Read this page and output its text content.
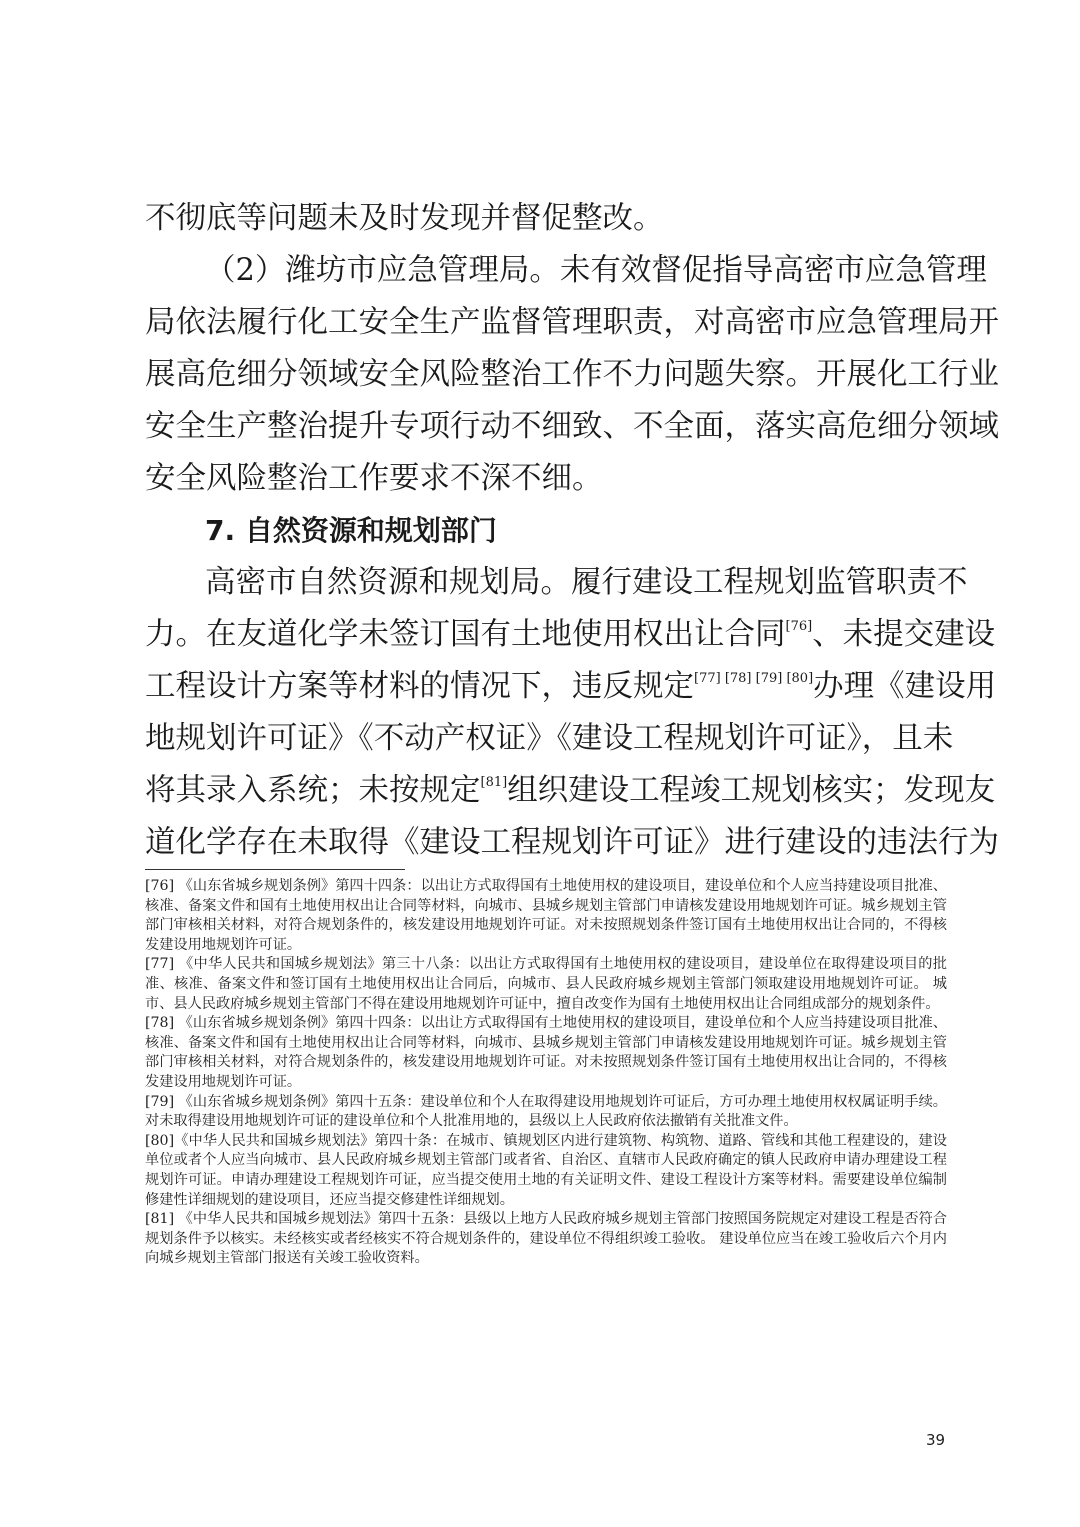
不彻底等问题未及时发现并督促整改。
（2）潍坊市应急管理局。未有效督促指导高密市应急管理
局依法履行化工安全生产监督管理职责，对高密市应急管理局开
展高危细分领域安全风险整治工作不力问题失察。开展化工行业
安全生产整治提升专项行动不细致、不全面，落实高危细分领域
安全风险整治工作要求不深不细。
7. 自然资源和规划部门
高密市自然资源和规划局。履行建设工程规划监管职责不
力。在友道化学未签订国有土地使用权出让合同[76]、未提交建设
工程设计方案等材料的情况下，违反规定[77] [78] [79] [80]办理《建设用
地规划许可证》《不动产权证》《建设工程规划许可证》，且未
将其录入系统；未按规定[81]组织建设工程竣工规划核实；发现友
道化学存在未取得《建设工程规划许可证》进行建设的违法行为

[76] 《山东省城乡规划条例》第四十四条：以出让方式取得国有土地使用权的建设项目，建设单位和个人应当持建设项目批准、核准、备案文件和国有土地使用权出让合同等材料，向城市、县城乡规划主管部门申请核发建设用地规划许可证。城乡规划主管部门审核相关材料，对符合规划条件的，核发建设用地规划许可证。对未按照规划条件签订国有土地使用权出让合同的，不得核发建设用地规划许可证。

[77] 《中华人民共和国城乡规划法》第三十八条：以出让方式取得国有土地使用权的建设项目，建设单位在取得建设项目的批准、核准、备案文件和签订国有土地使用权出让合同后，向城市、县人民政府城乡规划主管部门领取建设用地规划许可证。 城市、县人民政府城乡规划主管部门不得在建设用地规划许可证中，擅自改变作为国有土地使用权出让合同组成部分的规划条件。

[78] 《山东省城乡规划条例》第四十四条：以出让方式取得国有土地使用权的建设项目，建设单位和个人应当持建设项目批准、核准、备案文件和国有土地使用权出让合同等材料，向城市、县城乡规划主管部门申请核发建设用地规划许可证。城乡规划主管部门审核相关材料，对符合规划条件的，核发建设用地规划许可证。对未按照规划条件签订国有土地使用权出让合同的，不得核发建设用地规划许可证。

[79] 《山东省城乡规划条例》第四十五条：建设单位和个人在取得建设用地规划许可证后，方可办理土地使用权权属证明手续。对未取得建设用地规划许可证的建设单位和个人批准用地的，县级以上人民政府依法撤销有关批准文件。

[80]《中华人民共和国城乡规划法》第四十条：在城市、镇规划区内进行建筑物、构筑物、道路、管线和其他工程建设的，建设单位或者个人应当向城市、县人民政府城乡规划主管部门或者省、自治区、直辖市人民政府确定的镇人民政府申请办理建设工程规划许可证。申请办理建设工程规划许可证，应当提交使用土地的有关证明文件、建设工程设计方案等材料。需要建设单位编制修建性详细规划的建设项目，还应当提交修建性详细规划。

[81] 《中华人民共和国城乡规划法》第四十五条：县级以上地方人民政府城乡规划主管部门按照国务院规定对建设工程是否符合规划条件予以核实。未经核实或者经核实不符合规划条件的，建设单位不得组织竣工验收。 建设单位应当在竣工验收后六个月内向城乡规划主管部门报送有关竣工验收资料。

39
